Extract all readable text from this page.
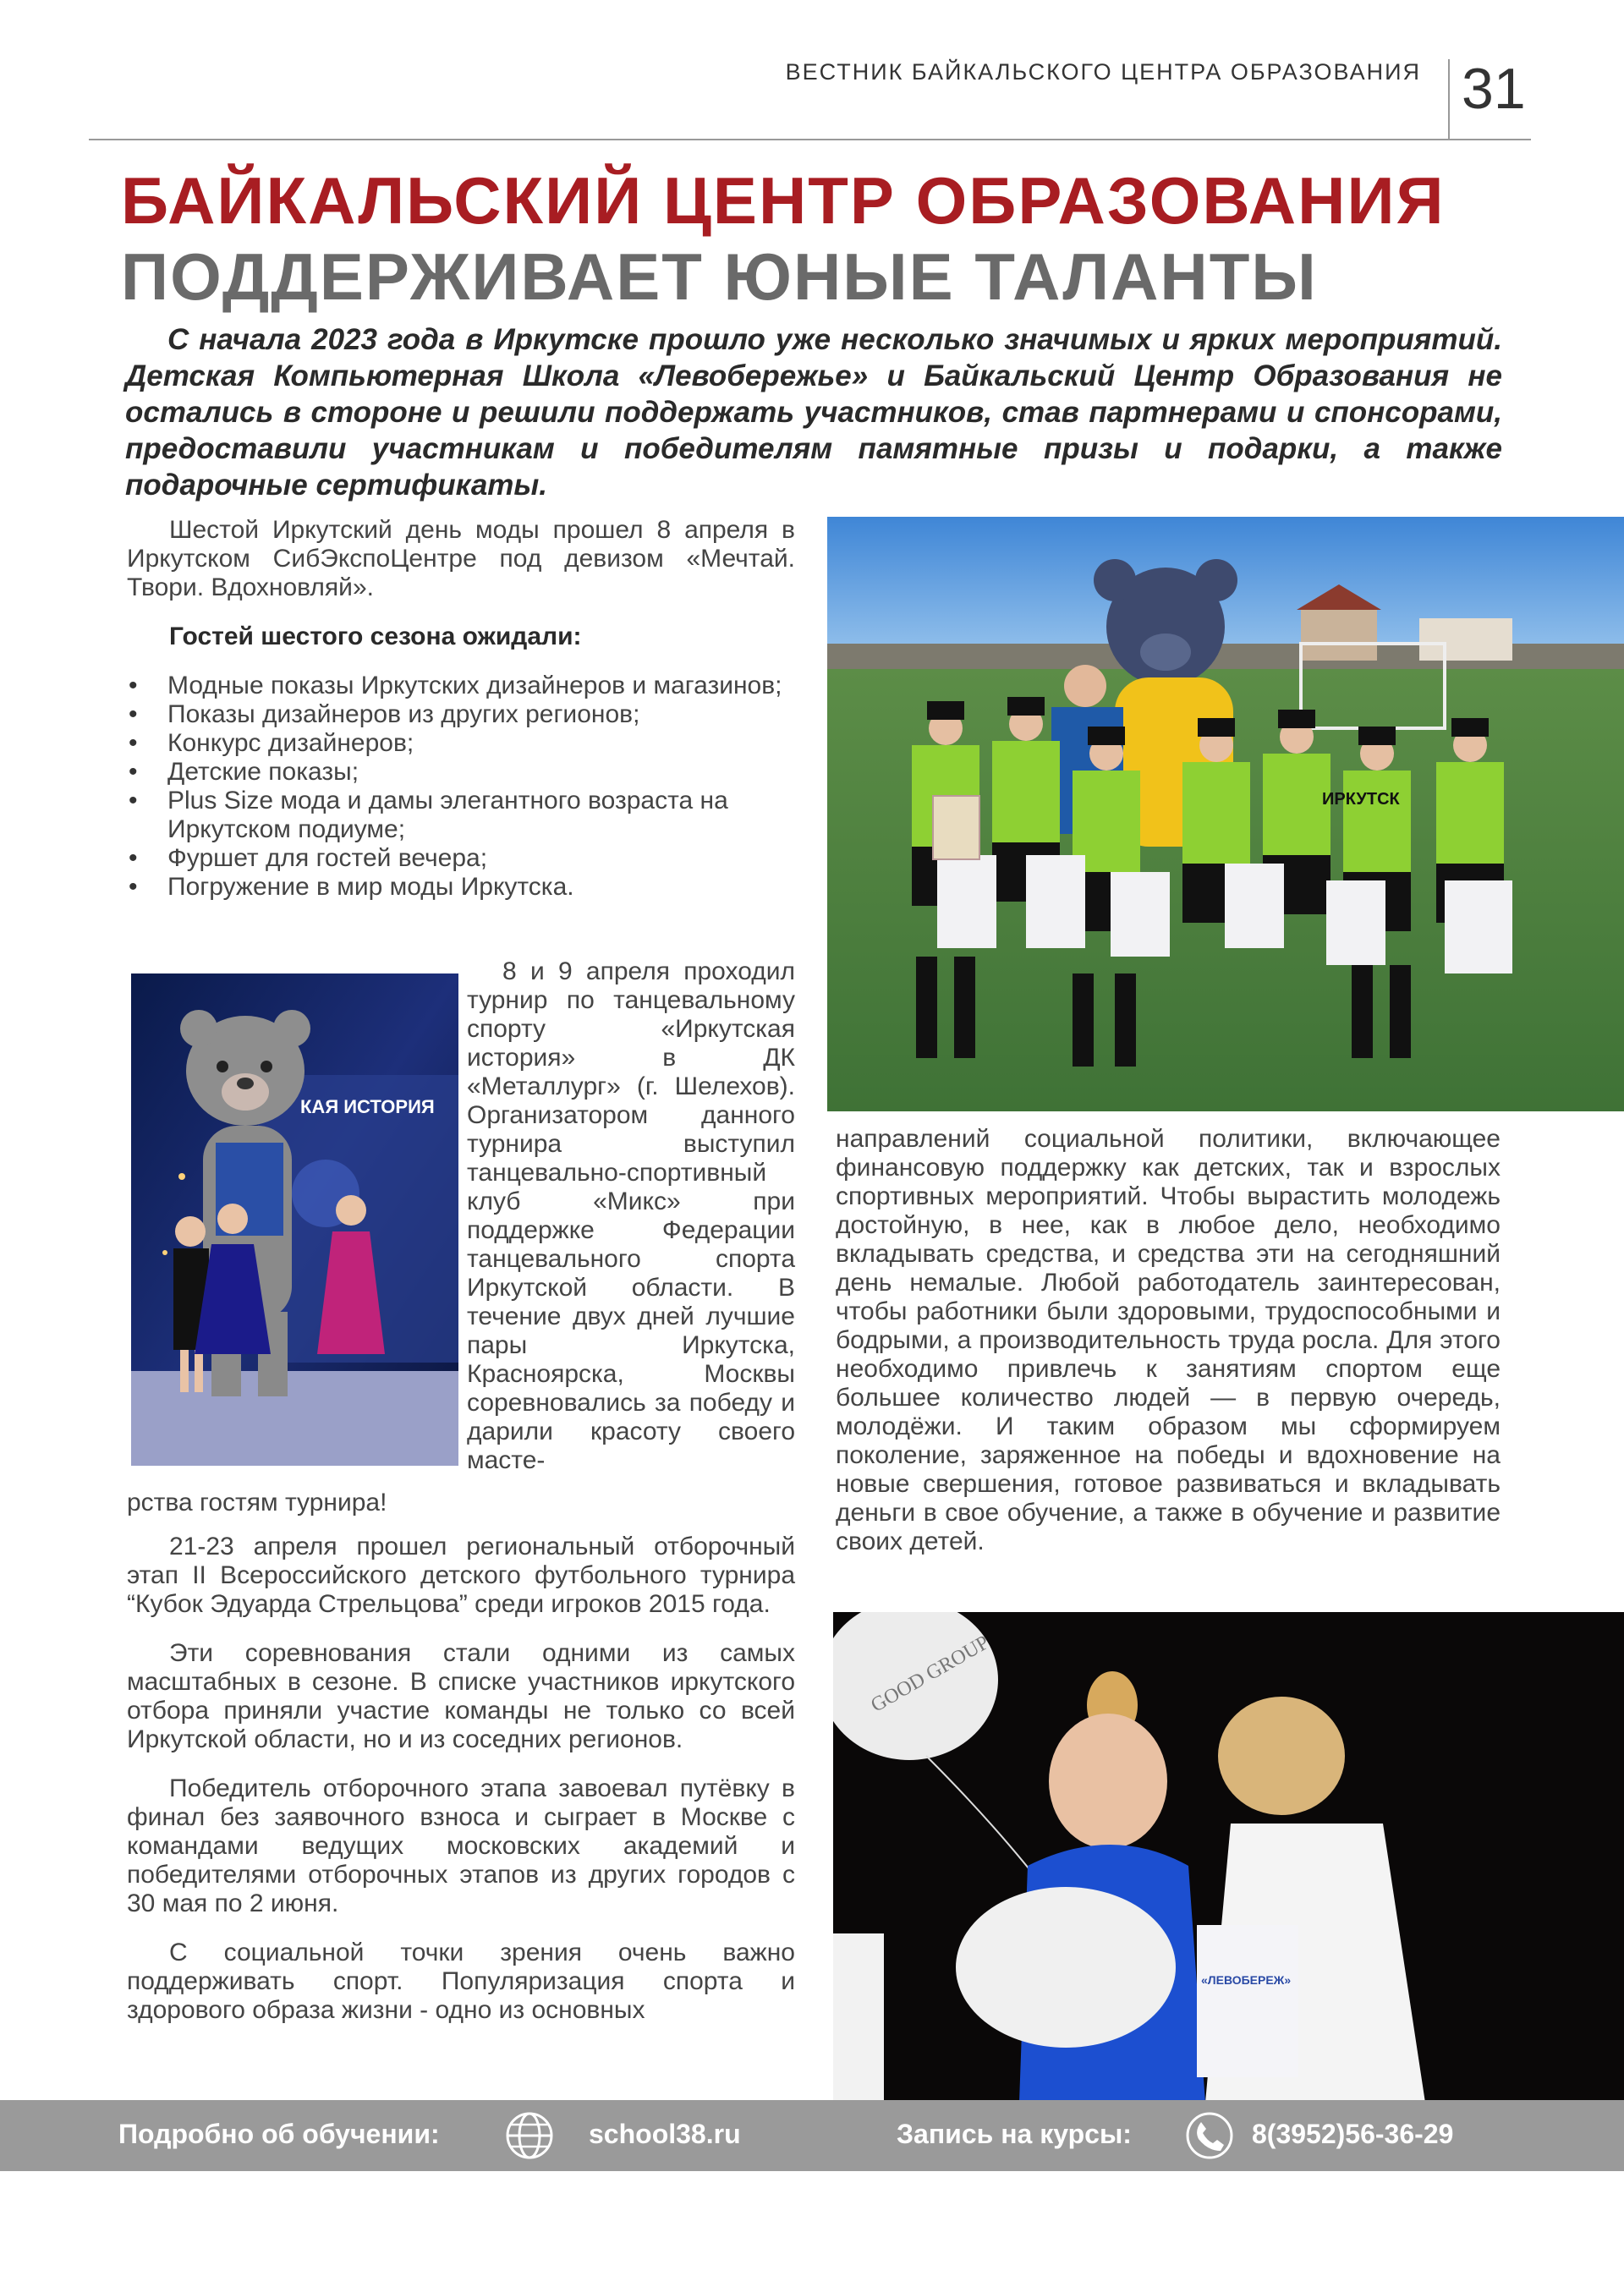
ВЕСТНИК БАЙКАЛЬСКОГО ЦЕНТРА ОБРАЗОВАНИЯ 31
БАЙКАЛЬСКИЙ ЦЕНТР ОБРАЗОВАНИЯ
ПОДДЕРЖИВАЕТ ЮНЫЕ ТАЛАНТЫ
С начала 2023 года в Иркутске прошло уже несколько значимых и ярких мероприятий. Детская Компьютерная Школа «Левобережье» и Байкальский Центр Образования не остались в стороне и решили поддержать участников, став партнерами и спонсорами, предоставили участникам и победителям памятные призы и подарки, а также подарочные сертификаты.

Шестой Иркутский день моды прошел 8 апреля в Иркутском СибЭкспоЦентре под девизом «Мечтай. Твори. Вдохновляй».

Гостей шестого сезона ожидали:

• Модные показы Иркутских дизайнеров и магазинов;
• Показы дизайнеров из других регионов;
• Конкурс дизайнеров;
• Детские показы;
• Plus Size мода и дамы элегантного возраста на Иркутском подиуме;
• Фуршет для гостей вечера;
• Погружение в мир моды Иркутска.
КАЯ ИСТОРИЯ

8 и 9 апреля проходил турнир по танцевальному спорту «Иркутская история» в ДК «Металлург» (г. Шелехов). Организатором данного турнира выступил танцевально-спортивный клуб «Микс» при поддержке Федерации танцевального спорта Иркутской области. В течение двух дней лучшие пары Иркутска, Красноярска, Москвы соревновались за победу и дарили красоту своего масте-

рства гостям турнира!

21-23 апреля прошел региональный отборочный этап II Всероссийского детского футбольного турнира “Кубок Эдуарда Стрельцова” среди игроков 2015 года.

Эти соревнования стали одними из самых масштабных в сезоне. В списке участников иркутского отбора приняли участие команды не только со всей Иркутской области, но и из соседних регионов.

Победитель отборочного этапа завоевал путёвку в финал без заявочного взноса и сыграет в Москве с командами ведущих московских академий и победителями отборочных этапов из других городов с 30 мая по 2 июня.

С социальной точки зрения очень важно поддерживать спорт. Популяризация спорта и здорового образа жизни - одно из основных

ИРКУТСК

направлений социальной политики, включающее финансовую поддержку как детских, так и взрослых спортивных мероприятий. Чтобы вырастить молодежь достойную, в нее, как в любое дело, необходимо вкладывать средства, и средства эти на сегодняшний день немалые. Любой работодатель заинтересован, чтобы работники были здоровыми, трудоспособными и бодрыми, а производительность труда росла. Для этого необходимо привлечь к занятиям спортом еще большее количество людей — в первую очередь, молодёжи. И таким образом мы сформируем поколение, заряженное на победы и вдохновение на новые свершения, готовое развиваться и вкладывать деньги в свое обучение, а также в обучение и развитие своих детей.

GOOD GROUP
«ЛЕВОБЕРЕЖ»
Подробно об обучении:	school38.ru	Запись на курсы:	8(3952)56-36-29
